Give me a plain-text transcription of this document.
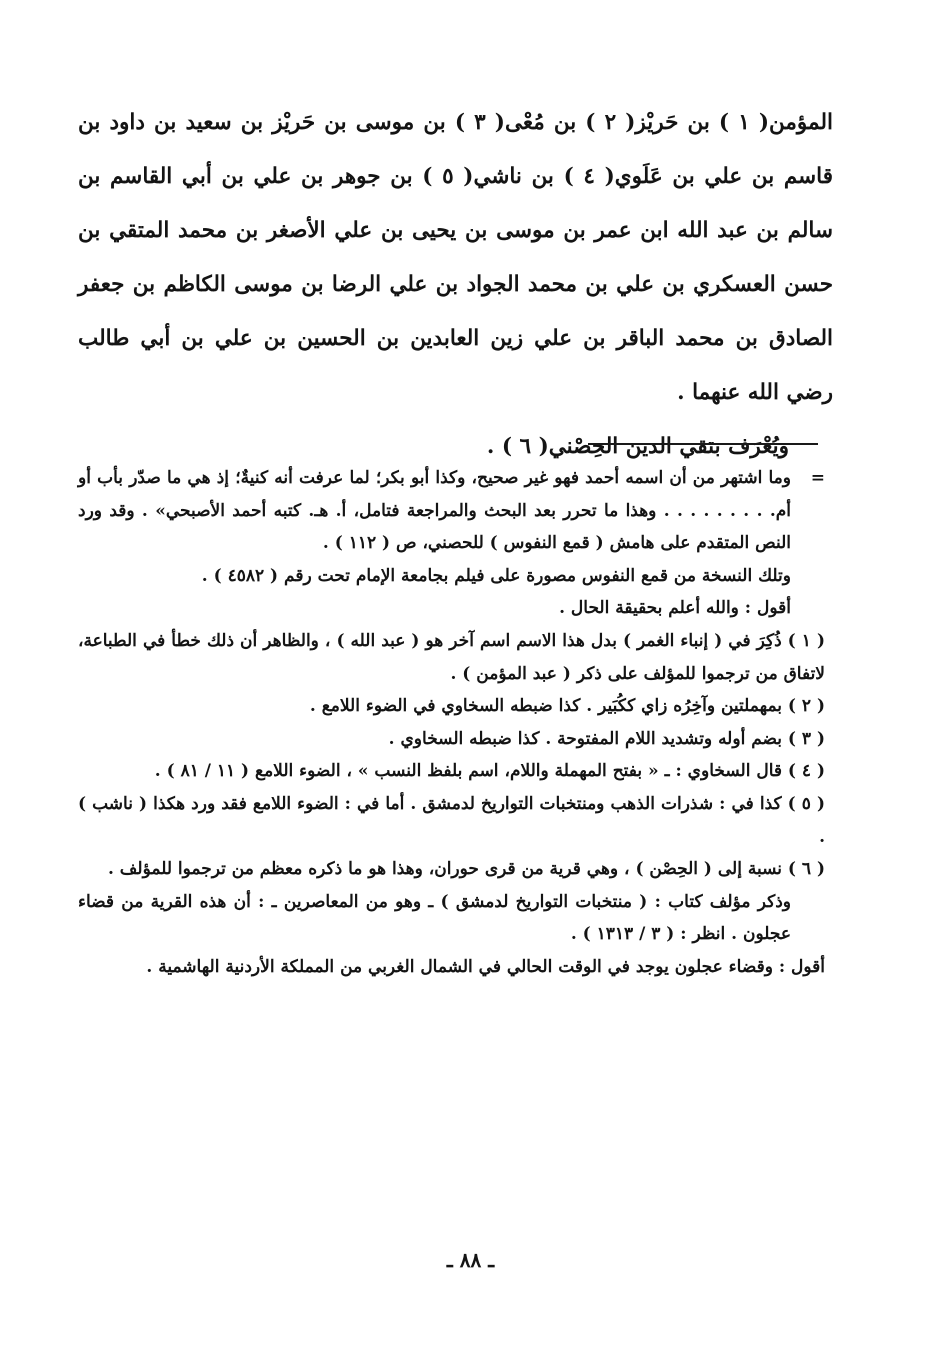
المؤمن( ١ ) بن حَريْز( ٢ ) بن مُعْى( ٣ ) بن موسى بن حَريْز بن سعيد بن داود بن قاسم بن علي بن عَلَوي( ٤ ) بن ناشي( ٥ ) بن جوهر بن علي بن أبي القاسم بن سالم بن عبد الله ابن عمر بن موسى بن يحيى بن علي الأصغر بن محمد المتقي بن حسن العسكري بن علي بن محمد الجواد بن علي الرضا بن موسى الكاظم بن جعفر الصادق بن محمد الباقر بن علي زين العابدين بن الحسين بن علي بن أبي طالب رضي الله عنهما .

ويُعْرَف بتقي الدين الحِصْني( ٦ ) .

=
وما اشتهر من أن اسمه أحمد فهو غير صحيح، وكذا أبو بكر؛ لما عرفت أنه كنيةٌ؛ إذ هي ما صدّر بأب أو أم. . . . . . . . . وهذا ما تحرر بعد البحث والمراجعة فتامل، أ. هـ. كتبه أحمد الأصبحي» . وقد ورد النص المتقدم على هامش ( قمع النفوس ) للحصني، ص ( ١١٢ ) .

وتلك النسخة من قمع النفوس مصورة على فيلم بجامعة الإمام تحت رقم ( ٤٥٨٢ ) .

أقول : والله أعلم بحقيقة الحال .

( ١ ) ذُكِرَ في ( إنباء الغمر ) بدل هذا الاسم اسم آخر هو ( عبد الله ) ، والظاهر أن ذلك خطأ في الطباعة، لاتفاق من ترجموا للمؤلف على ذكر ( عبد المؤمن ) .

( ٢ ) بمهملتين وآخِرُه زاي ككُبَير . كذا ضبطه السخاوي في الضوء اللامع .

( ٣ ) بضم أوله وتشديد اللام المفتوحة . كذا ضبطه السخاوي .

( ٤ ) قال السخاوي : ـ « بفتح المهملة واللام، اسم بلفظ النسب » ، الضوء اللامع ( ١١ / ٨١ ) .

( ٥ ) كذا في : شذرات الذهب ومنتخبات التواريخ لدمشق . أما في : الضوء اللامع فقد ورد هكذا ( ناشب ) .

( ٦ ) نسبة إلى ( الحِصْن ) ، وهي قرية من قرى حوران، وهذا هو ما ذكره معظم من ترجموا للمؤلف .

وذكر مؤلف كتاب : ( منتخبات التواريخ لدمشق ) ـ وهو من المعاصرين ـ : أن هذه القرية من قضاء عجلون . انظر : ( ٣ / ١٣١٣ ) .

أقول : وقضاء عجلون يوجد في الوقت الحالي في الشمال الغربي من المملكة الأردنية الهاشمية .

ـ ٨٨ ـ
